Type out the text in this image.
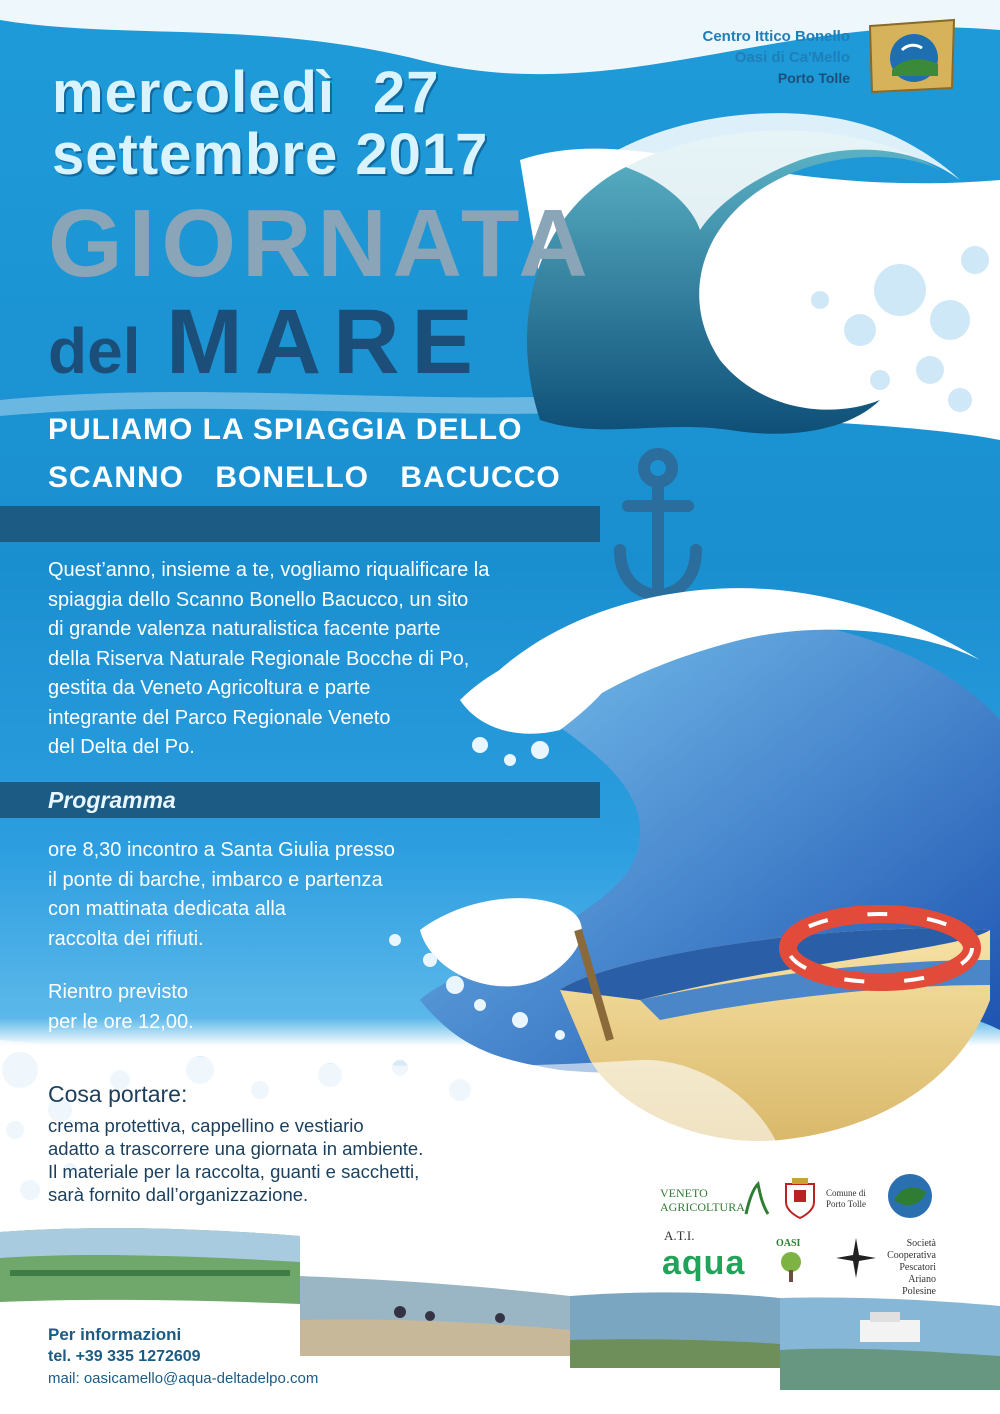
Centro Ittico Bonello
Oasi di Ca'Mello
Porto Tolle
mercoledì 27
settembre 2017
GIORNATA
del MARE
PULIAMO LA SPIAGGIA DELLO
SCANNO BONELLO BACUCCO
Quest’anno, insieme a te, vogliamo riqualificare la
spiaggia dello Scanno Bonello Bacucco, un sito
di grande valenza naturalistica facente parte
della Riserva Naturale Regionale Bocche di Po,
gestita da Veneto Agricoltura e parte
integrante del Parco Regionale Veneto
del Delta del Po.
Programma
ore 8,30 incontro a Santa Giulia presso
il ponte di barche, imbarco e partenza
con mattinata dedicata alla
raccolta dei rifiuti.
Rientro previsto
per le ore 12,00.
Cosa portare:
crema protettiva, cappellino e vestiario
adatto a trascorrere una giornata in ambiente.
Il materiale per la raccolta, guanti e sacchetti,
sarà fornito dall’organizzazione.	VENETO
AGRICOLTURA
Comune di
Porto Tolle
A.T.I.
aqua
OASI	Società
Cooperativa
Pescatori
Ariano Polesine
Per informazioni
tel. +39 335 1272609
mail: oasicamello@aqua-deltadelpo.com
